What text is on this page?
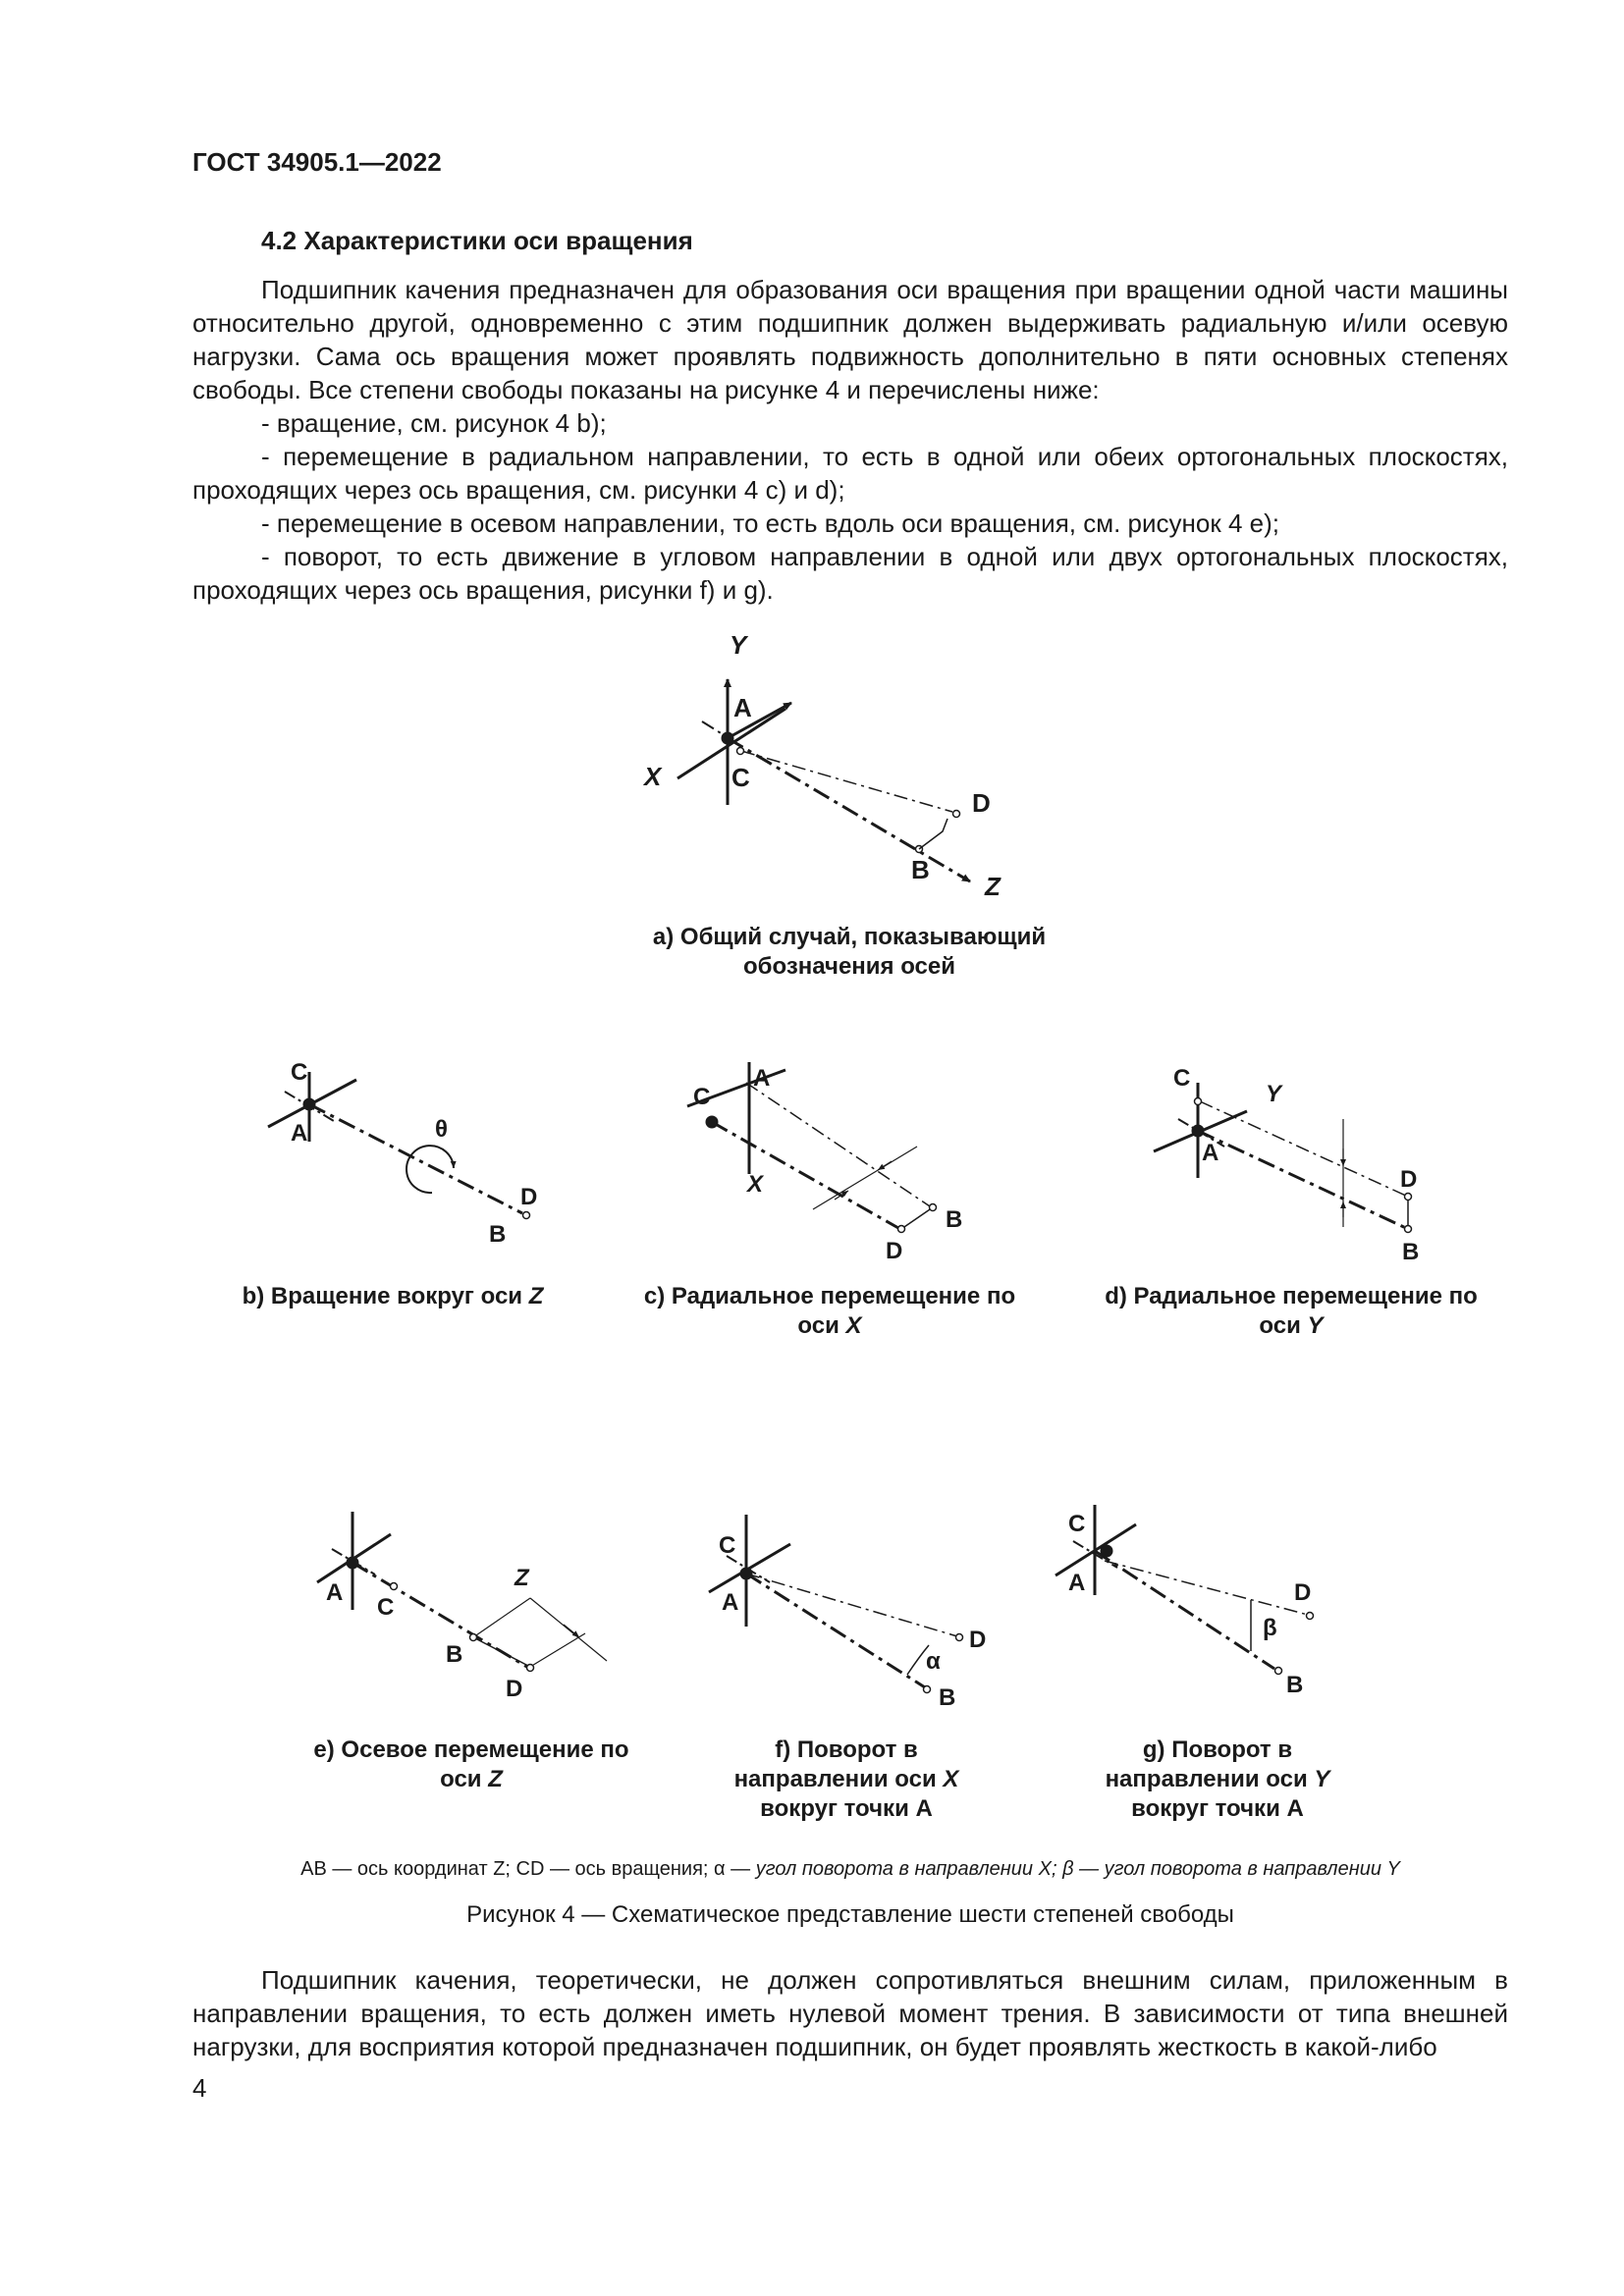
ГОСТ 34905.1—2022
4.2 Характеристики оси вращения

Подшипник качения предназначен для образования оси вращения при вращении одной части машины относительно другой, одновременно с этим подшипник должен выдерживать радиальную и/или осевую нагрузки. Сама ось вращения может проявлять подвижность дополнительно в пяти основных степенях свободы. Все степени свободы показаны на рисунке 4 и перечислены ниже:

- вращение, см. рисунок 4 b);

- перемещение в радиальном направлении, то есть в одной или обеих ортогональных плоскостях, проходящих через ось вращения, см. рисунки 4 c) и d);

- перемещение в осевом направлении, то есть вдоль оси вращения, см. рисунок 4 е);

- поворот, то есть движение в угловом направлении в одной или двух ортогональных плоскостях, проходящих через ось вращения, рисунки f) и g).

Y
X
Z
A
C
D
B
C
A	θ
D
B
C
A
X
B
D
C
Y
A
D
B
A
C
Z
B
D
C
A
α
D
B
C
A
β
D
B
a) Общий случай, показывающий
обозначения осей
b) Вращение вокруг оси Z	c) Радиальное перемещение по
оси X
d) Радиальное перемещение по
оси Y
е) Осевое перемещение по
оси Z
f) Поворот в
направлении оси X
вокруг точки А
g) Поворот в
направлении оси Y
вокруг точки А
AB — ось координат Z; CD — ось вращения; α — угол поворота в направлении X; β — угол поворота в направлении Y
Рисунок 4 — Схематическое представление шести степеней свободы

Подшипник качения, теоретически, не должен сопротивляться внешним силам, приложенным в направлении вращения, то есть должен иметь нулевой момент трения. В зависимости от типа внешней нагрузки, для восприятия которой предназначен подшипник, он будет проявлять жесткость в какой-либо

4
